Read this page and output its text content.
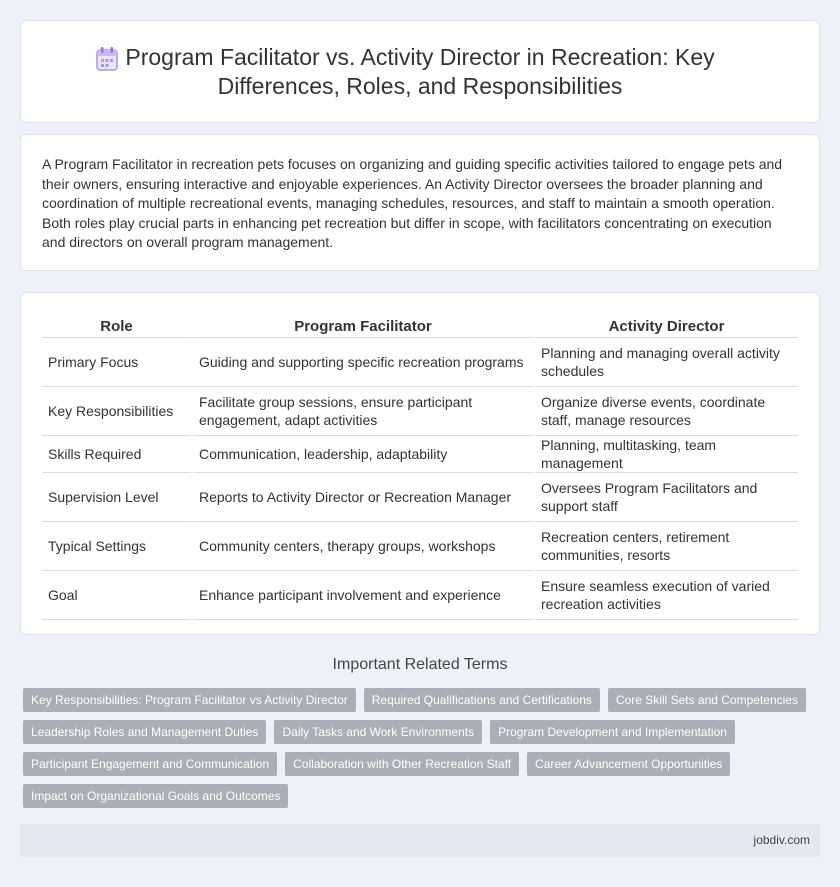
Program Facilitator vs. Activity Director in Recreation: Key Differences, Roles, and Responsibilities

A Program Facilitator in recreation pets focuses on organizing and guiding specific activities tailored to engage pets and their owners, ensuring interactive and enjoyable experiences. An Activity Director oversees the broader planning and coordination of multiple recreational events, managing schedules, resources, and staff to maintain a smooth operation. Both roles play crucial parts in enhancing pet recreation but differ in scope, with facilitators concentrating on execution and directors on overall program management.

Role	Program Facilitator	Activity Director
Primary Focus	Guiding and supporting specific recreation programs	Planning and managing overall activity schedules
Key Responsibilities	Facilitate group sessions, ensure participant engagement, adapt activities	Organize diverse events, coordinate staff, manage resources
Skills Required	Communication, leadership, adaptability	Planning, multitasking, team management
Supervision Level	Reports to Activity Director or Recreation Manager	Oversees Program Facilitators and support staff
Typical Settings	Community centers, therapy groups, workshops	Recreation centers, retirement communities, resorts
Goal	Enhance participant involvement and experience	Ensure seamless execution of varied recreation activities
Important Related Terms
Key Responsibilities: Program Facilitator vs Activity Director	Required Qualifications and Certifications	Core Skill Sets and Competencies
Leadership Roles and Management Duties	Daily Tasks and Work Environments	Program Development and Implementation
Participant Engagement and Communication	Collaboration with Other Recreation Staff	Career Advancement Opportunities
Impact on Organizational Goals and Outcomes
jobdiv.com
